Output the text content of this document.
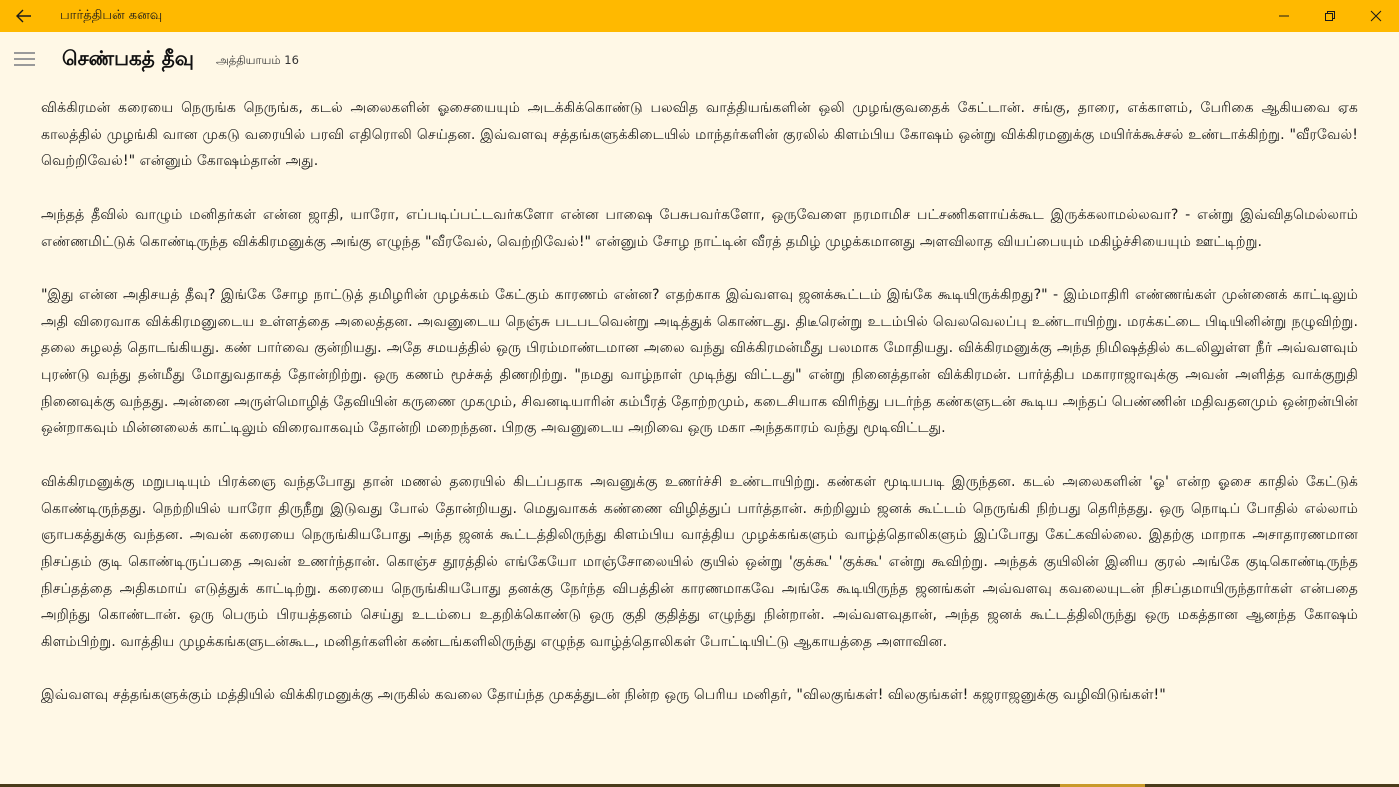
பார்த்திபன் கனவு
செண்பகத் தீவு அத்தியாயம் 16

விக்கிரமன் கரையை நெருங்க நெருங்க, கடல் அலைகளின் ஓசையையும் அடக்கிக்கொண்டு பலவித வாத்தியங்களின் ஒலி முழங்குவதைக் கேட்டான். சங்கு, தாரை, எக்காளம், பேரிகை ஆகியவை ஏக காலத்தில் முழங்கி வான முகடு வரையில் பரவி எதிரொலி செய்தன. இவ்வளவு சத்தங்களுக்கிடையில் மாந்தர்களின் குரலில் கிளம்பிய கோஷம் ஒன்று விக்கிரமனுக்கு மயிர்க்கூச்சல் உண்டாக்கிற்று. "வீரவேல்! வெற்றிவேல்!" என்னும் கோஷம்தான் அது.

அந்தத் தீவில் வாழும் மனிதர்கள் என்ன ஜாதி, யாரோ, எப்படிப்பட்டவர்களோ என்ன பாஷை பேசுபவர்களோ, ஒருவேளை நரமாமிச பட்சணிகளாய்க்கூட இருக்கலாமல்லவா? - என்று இவ்விதமெல்லாம் எண்ணமிட்டுக் கொண்டிருந்த விக்கிரமனுக்கு அங்கு எழுந்த "வீரவேல், வெற்றிவேல்!" என்னும் சோழ நாட்டின் வீரத் தமிழ் முழக்கமானது அளவிலாத வியப்பையும் மகிழ்ச்சியையும் ஊட்டிற்று.

"இது என்ன அதிசயத் தீவு? இங்கே சோழ நாட்டுத் தமிழரின் முழக்கம் கேட்கும் காரணம் என்ன? எதற்காக இவ்வளவு ஜனக்கூட்டம் இங்கே கூடியிருக்கிறது?" - இம்மாதிரி எண்ணங்கள் முன்னைக் காட்டிலும் அதி விரைவாக விக்கிரமனுடைய உள்ளத்தை அலைத்தன. அவனுடைய நெஞ்சு படபடவென்று அடித்துக் கொண்டது. திடீரென்று உடம்பில் வெலவெலப்பு உண்டாயிற்று. மரக்கட்டை பிடியினின்று நழுவிற்று. தலை சுழலத் தொடங்கியது. கண் பார்வை குன்றியது. அதே சமயத்தில் ஒரு பிரம்மாண்டமான அலை வந்து விக்கிரமன்மீது பலமாக மோதியது. விக்கிரமனுக்கு அந்த நிமிஷத்தில் கடலிலுள்ள நீர் அவ்வளவும் புரண்டு வந்து தன்மீது மோதுவதாகத் தோன்றிற்று. ஒரு கணம் மூச்சுத் திணறிற்று. "நமது வாழ்நாள் முடிந்து விட்டது" என்று நினைத்தான் விக்கிரமன். பார்த்திப மகாராஜாவுக்கு அவன் அளித்த வாக்குறுதி நினைவுக்கு வந்தது. அன்னை அருள்மொழித் தேவியின் கருணை முகமும், சிவனடியாரின் கம்பீரத் தோற்றமும், கடைசியாக விரிந்து படர்ந்த கண்களுடன் கூடிய அந்தப் பெண்ணின் மதிவதனமும் ஒன்றன்பின் ஒன்றாகவும் மின்னலைக் காட்டிலும் விரைவாகவும் தோன்றி மறைந்தன. பிறகு அவனுடைய அறிவை ஒரு மகா அந்தகாரம் வந்து மூடிவிட்டது.

விக்கிரமனுக்கு மறுபடியும் பிரக்ஞை வந்தபோது தான் மணல் தரையில் கிடப்பதாக அவனுக்கு உணர்ச்சி உண்டாயிற்று. கண்கள் மூடியபடி இருந்தன. கடல் அலைகளின் 'ஓ' என்ற ஓசை காதில் கேட்டுக் கொண்டிருந்தது. நெற்றியில் யாரோ திருநீறு இடுவது போல் தோன்றியது. மெதுவாகக் கண்ணை விழித்துப் பார்த்தான். சுற்றிலும் ஜனக் கூட்டம் நெருங்கி நிற்பது தெரிந்தது. ஒரு நொடிப் போதில் எல்லாம் ஞாபகத்துக்கு வந்தன. அவன் கரையை நெருங்கியபோது அந்த ஜனக் கூட்டத்திலிருந்து கிளம்பிய வாத்திய முழக்கங்களும் வாழ்த்தொலிகளும் இப்போது கேட்கவில்லை. இதற்கு மாறாக அசாதாரணமான நிசப்தம் குடி கொண்டிருப்பதை அவன் உணர்ந்தான். கொஞ்ச தூரத்தில் எங்கேயோ மாஞ்சோலையில் குயில் ஒன்று 'குக்கூ' 'குக்கூ' என்று கூவிற்று. அந்தக் குயிலின் இனிய குரல் அங்கே குடிகொண்டிருந்த நிசப்தத்தை அதிகமாய் எடுத்துக் காட்டிற்று. கரையை நெருங்கியபோது தனக்கு நேர்ந்த விபத்தின் காரணமாகவே அங்கே கூடியிருந்த ஜனங்கள் அவ்வளவு கவலையுடன் நிசப்தமாயிருந்தார்கள் என்பதை அறிந்து கொண்டான். ஒரு பெரும் பிரயத்தனம் செய்து உடம்பை உதறிக்கொண்டு ஒரு குதி குதித்து எழுந்து நின்றான். அவ்வளவுதான், அந்த ஜனக் கூட்டத்திலிருந்து ஒரு மகத்தான ஆனந்த கோஷம் கிளம்பிற்று. வாத்திய முழக்கங்களுடன்கூட, மனிதர்களின் கண்டங்களிலிருந்து எழுந்த வாழ்த்தொலிகள் போட்டியிட்டு ஆகாயத்தை அளாவின.

இவ்வளவு சத்தங்களுக்கும் மத்தியில் விக்கிரமனுக்கு அருகில் கவலை தோய்ந்த முகத்துடன் நின்ற ஒரு பெரிய மனிதர், "விலகுங்கள்! விலகுங்கள்! கஜராஜனுக்கு வழிவிடுங்கள்!"
